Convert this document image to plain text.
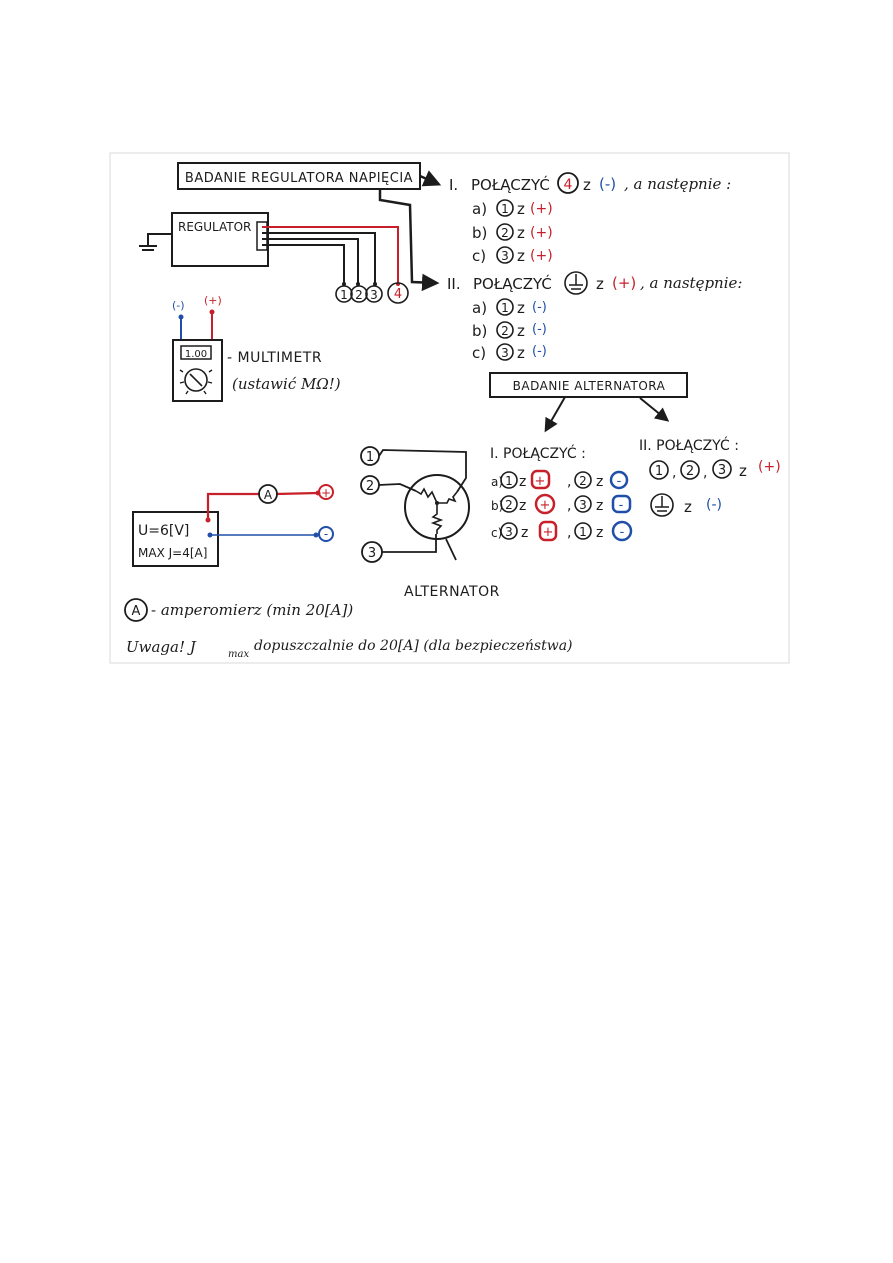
BADANIE REGULATORA NAPIĘCIA
REGULATOR
1 2 3 4
I. POŁĄCZYĆ 4 z (-) , a następnie :
a) 1 z (+)
b) 2 z (+)
c) 3 z (+)
II. POŁĄCZYĆ	z (+) , a następnie:
a) 1 z (-)
b) 2 z (-)
c) 3 z (-)
(-) (+)
1.00 - MULTIMETR
(ustawić MΩ!)	BADANIE ALTERNATORA
I. POŁĄCZYĆ :
a) 1 z + , 2 z -
b) 2 z + , 3 z -
c) 3 z + , 1 z -
II. POŁĄCZYĆ :
1 , 2 , 3 z (+)
z (-)
1
2
3
ALTERNATOR
U=6[V]
MAX J=4[A]
A	+
-
A - amperomierz (min 20[A])
Uwaga! J	max
dopuszczalnie do 20[A] (dla bezpieczeństwa)
